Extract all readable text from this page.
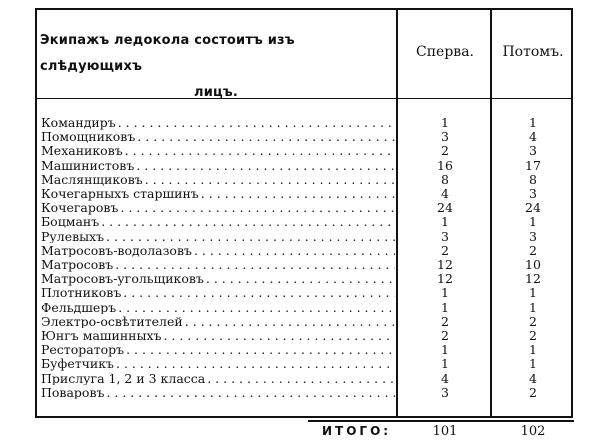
Экипажъ ледокола состоитъ изъ слѣдующихъ
лицъ.
Сперва.	Потомъ.
Командиръ . . .	1	1
Помощниковъ . . .	3	4
Механиковъ . . .	2	3
Машинистовъ . . .	16	17
Маслянщиковъ . . .	8	8
Кочегарныхъ старшинъ . . .	4	3
Кочегаровъ . . .	24	24
Боцманъ . . .	1	1
Рулевыхъ . . .	3	3
Матросовъ-водолазовъ . . .	2	2
Матросовъ . . .	12	10
Матросовъ-угольщиковъ . . .	12	12
Плотниковъ . . .	1	1
Фельдшеръ . . .	1	1
Электро-освѣтителей . . .	2	2
Юнгъ машинныхъ . . .	2	2
Рестораторъ . . .	1	1
Буфетчикъ . . .	1	1
Прислуга 1, 2 и 3 класса . . .	4	4
Поваровъ . . .	3	2
ИТОГО:	101	102
